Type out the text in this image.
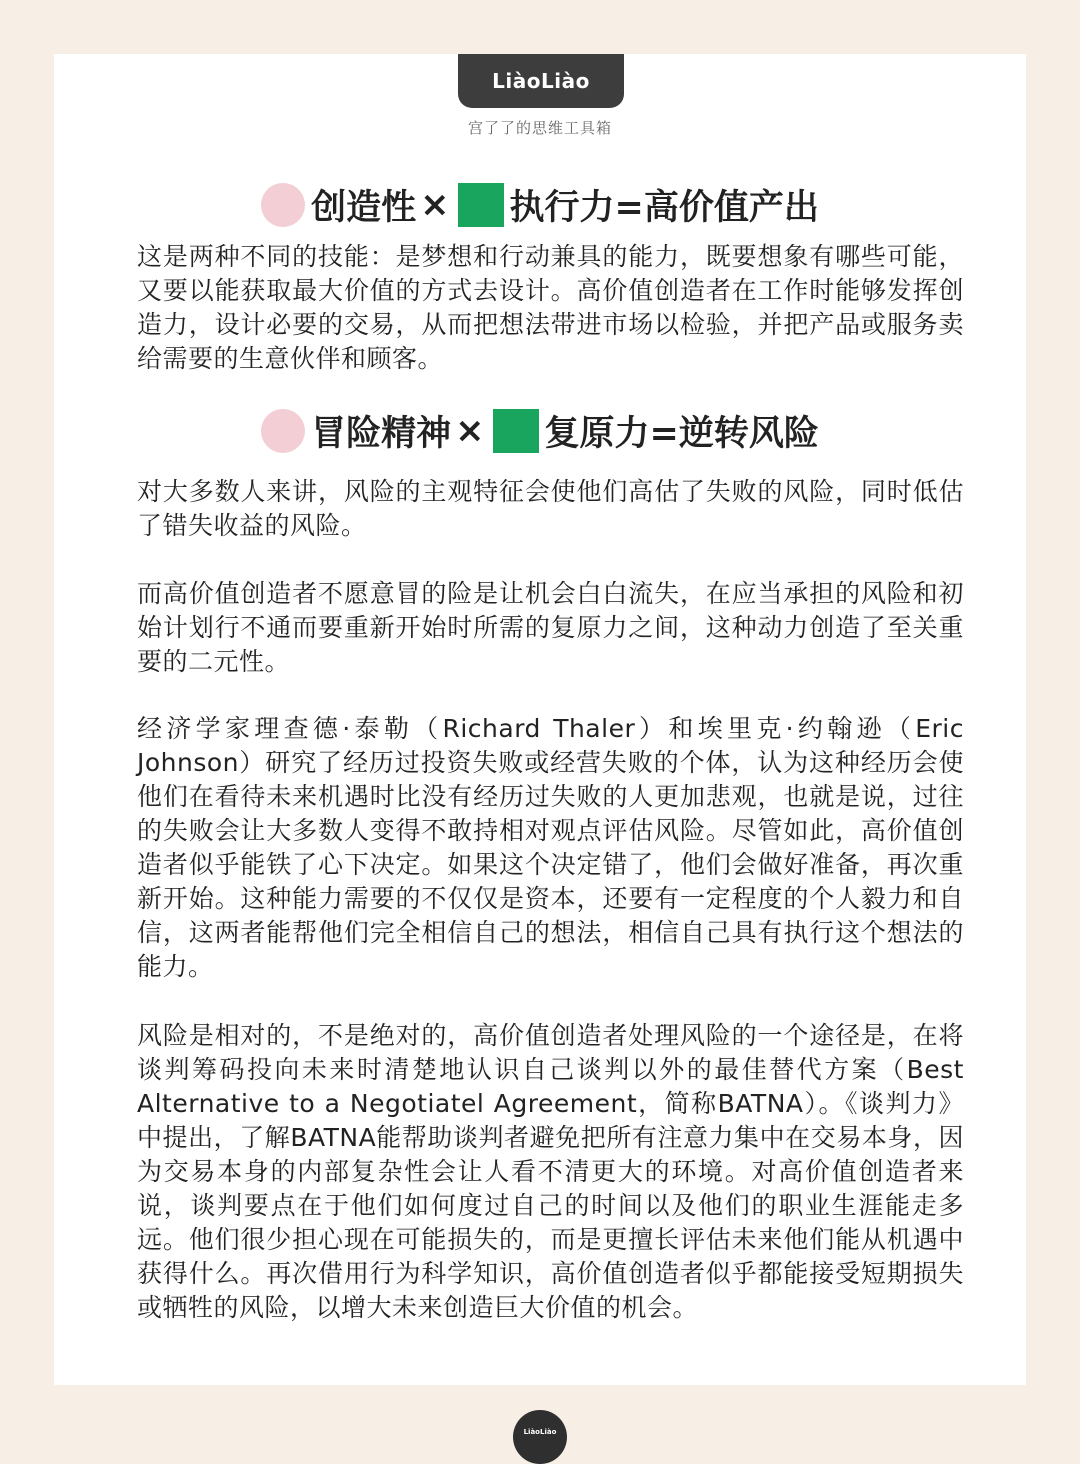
LiàoLiào
宫了了的思维工具箱
创造性 × 执行力=高价值产出
这是两种不同的技能：是梦想和行动兼具的能力，既要想象有哪些可能，又要以能获取最大价值的方式去设计。高价值创造者在工作时能够发挥创造力，设计必要的交易，从而把想法带进市场以检验，并把产品或服务卖给需要的生意伙伴和顾客。
冒险精神 × 复原力=逆转风险
对大多数人来讲，风险的主观特征会使他们高估了失败的风险，同时低估了错失收益的风险。
而高价值创造者不愿意冒的险是让机会白白流失，在应当承担的风险和初始计划行不通而要重新开始时所需的复原力之间，这种动力创造了至关重要的二元性。
经济学家理查德·泰勒（Richard Thaler）和埃里克·约翰逊（Eric Johnson）研究了经历过投资失败或经营失败的个体，认为这种经历会使他们在看待未来机遇时比没有经历过失败的人更加悲观，也就是说，过往的失败会让大多数人变得不敢持相对观点评估风险。尽管如此，高价值创造者似乎能铁了心下决定。如果这个决定错了，他们会做好准备，再次重新开始。这种能力需要的不仅仅是资本，还要有一定程度的个人毅力和自信，这两者能帮他们完全相信自己的想法，相信自己具有执行这个想法的能力。
风险是相对的，不是绝对的，高价值创造者处理风险的一个途径是，在将谈判筹码投向未来时清楚地认识自己谈判以外的最佳替代方案（Best Alternative to a Negotiatel Agreement，简称BATNA）。《谈判力》中提出，了解BATNA能帮助谈判者避免把所有注意力集中在交易本身，因为交易本身的内部复杂性会让人看不清更大的环境。对高价值创造者来说，谈判要点在于他们如何度过自己的时间以及他们的职业生涯能走多远。他们很少担心现在可能损失的，而是更擅长评估未来他们能从机遇中获得什么。再次借用行为科学知识，高价值创造者似乎都能接受短期损失或牺牲的风险，以增大未来创造巨大价值的机会。
LiàoLiào
